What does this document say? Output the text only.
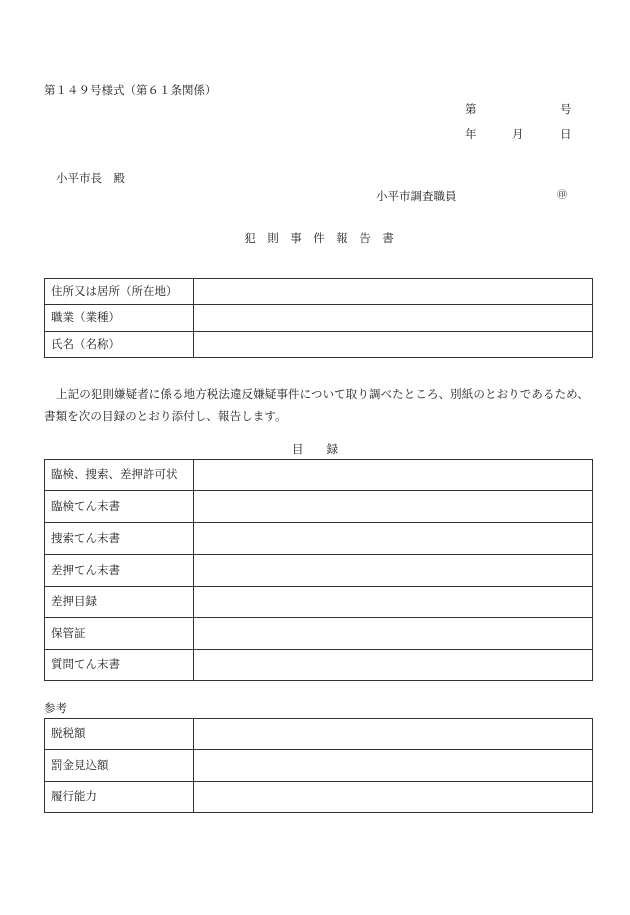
第１４９号様式（第６１条関係）
第	号
年	月	日
小平市長　殿
小平市調査職員	㊞
犯　則　事　件　報　告　書
住所又は居所（所在地）	
職業（業種）	
氏名（名称）	
上記の犯則嫌疑者に係る地方税法違反嫌疑事件について取り調べたところ、別紙のとおりであるため、書類を次の目録のとおり添付し、報告します。
目　　録
臨検、捜索、差押許可状	
臨検てん末書	
捜索てん末書	
差押てん末書	
差押目録	
保管証	
質問てん末書	
参考
脱税額	
罰金見込額	
履行能力	
